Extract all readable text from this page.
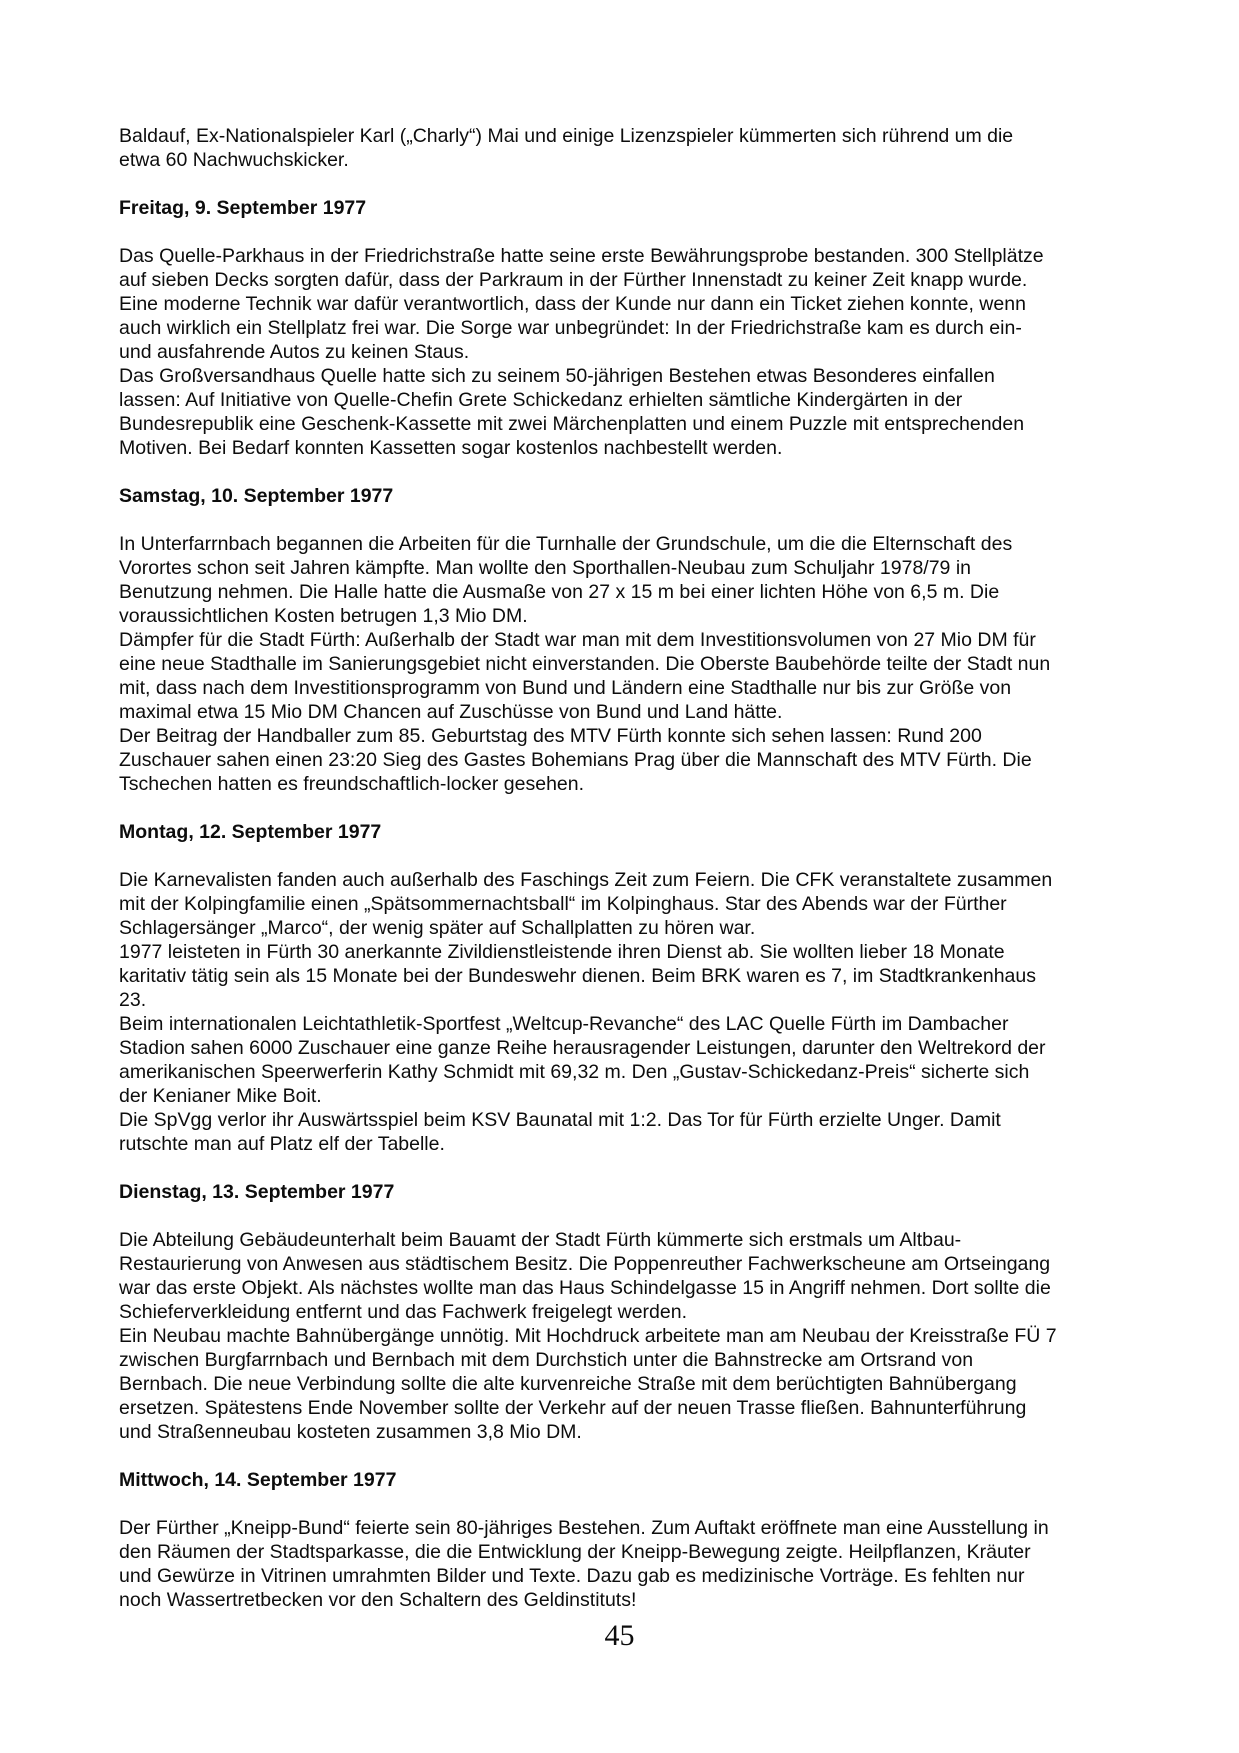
Baldauf, Ex-Nationalspieler Karl („Charly“) Mai und einige Lizenzspieler kümmerten sich rührend um die
etwa 60 Nachwuchskicker.
Freitag, 9. September 1977
Das Quelle-Parkhaus in der Friedrichstraße hatte seine erste Bewährungsprobe bestanden. 300 Stellplätze
auf sieben Decks sorgten dafür, dass der Parkraum in der Fürther Innenstadt zu keiner Zeit knapp wurde.
Eine moderne Technik war dafür verantwortlich, dass der Kunde nur dann ein Ticket ziehen konnte, wenn
auch wirklich ein Stellplatz frei war. Die Sorge war unbegründet: In der Friedrichstraße kam es durch ein-
und ausfahrende Autos zu keinen Staus.
Das Großversandhaus Quelle hatte sich zu seinem 50-jährigen Bestehen etwas Besonderes einfallen
lassen: Auf Initiative von Quelle-Chefin Grete Schickedanz erhielten sämtliche Kindergärten in der
Bundesrepublik eine Geschenk-Kassette mit zwei Märchenplatten und einem Puzzle mit entsprechenden
Motiven. Bei Bedarf konnten Kassetten sogar kostenlos nachbestellt werden.
Samstag, 10. September 1977
In Unterfarrnbach begannen die Arbeiten für die Turnhalle der Grundschule, um die die Elternschaft des
Vorortes schon seit Jahren kämpfte. Man wollte den Sporthallen-Neubau zum Schuljahr 1978/79 in
Benutzung nehmen. Die Halle hatte die Ausmaße von 27 x 15 m bei einer lichten Höhe von 6,5 m. Die
voraussichtlichen Kosten betrugen 1,3 Mio DM.
Dämpfer für die Stadt Fürth: Außerhalb der Stadt war man mit dem Investitionsvolumen von 27 Mio DM für
eine neue Stadthalle im Sanierungsgebiet nicht einverstanden. Die Oberste Baubehörde teilte der Stadt nun
mit, dass nach dem Investitionsprogramm von Bund und Ländern eine Stadthalle nur bis zur Größe von
maximal etwa 15 Mio DM Chancen auf Zuschüsse von Bund und Land hätte.
Der Beitrag der Handballer zum 85. Geburtstag des MTV Fürth konnte sich sehen lassen: Rund 200
Zuschauer sahen einen 23:20 Sieg des Gastes Bohemians Prag über die Mannschaft des MTV Fürth. Die
Tschechen hatten es freundschaftlich-locker gesehen.
Montag, 12. September 1977
Die Karnevalisten fanden auch außerhalb des Faschings Zeit zum Feiern. Die CFK veranstaltete zusammen
mit der Kolpingfamilie einen „Spätsommernachtsball“ im Kolpinghaus. Star des Abends war der Fürther
Schlagersänger „Marco“, der wenig später auf Schallplatten zu hören war.
1977 leisteten in Fürth 30 anerkannte Zivildienstleistende ihren Dienst ab. Sie wollten lieber 18 Monate
karitativ tätig sein als 15 Monate bei der Bundeswehr dienen. Beim BRK waren es 7, im Stadtkrankenhaus
23.
Beim internationalen Leichtathletik-Sportfest „Weltcup-Revanche“ des LAC Quelle Fürth im Dambacher
Stadion sahen 6000 Zuschauer eine ganze Reihe herausragender Leistungen, darunter den Weltrekord der
amerikanischen Speerwerferin Kathy Schmidt mit 69,32 m. Den „Gustav-Schickedanz-Preis“ sicherte sich
der Kenianer Mike Boit.
Die SpVgg verlor ihr Auswärtsspiel beim KSV Baunatal mit 1:2. Das Tor für Fürth erzielte Unger. Damit
rutschte man auf Platz elf der Tabelle.
Dienstag, 13. September 1977
Die Abteilung Gebäudeunterhalt beim Bauamt der Stadt Fürth kümmerte sich erstmals um Altbau-
Restaurierung von Anwesen aus städtischem Besitz. Die Poppenreuther Fachwerkscheune am Ortseingang
war das erste Objekt. Als nächstes wollte man das Haus Schindelgasse 15 in Angriff nehmen. Dort sollte die
Schieferverkleidung entfernt und das Fachwerk freigelegt werden.
Ein Neubau machte Bahnübergänge unnötig. Mit Hochdruck arbeitete man am Neubau der Kreisstraße FÜ 7
zwischen Burgfarrnbach und Bernbach mit dem Durchstich unter die Bahnstrecke am Ortsrand von
Bernbach. Die neue Verbindung sollte die alte kurvenreiche Straße mit dem berüchtigten Bahnübergang
ersetzen. Spätestens Ende November sollte der Verkehr auf der neuen Trasse fließen. Bahnunterführung
und Straßenneubau kosteten zusammen 3,8 Mio DM.
Mittwoch, 14. September 1977
Der Fürther „Kneipp-Bund“ feierte sein 80-jähriges Bestehen. Zum Auftakt eröffnete man eine Ausstellung in
den Räumen der Stadtsparkasse, die die Entwicklung der Kneipp-Bewegung zeigte. Heilpflanzen, Kräuter
und Gewürze in Vitrinen umrahmten Bilder und Texte. Dazu gab es medizinische Vorträge. Es fehlten nur
noch Wassertretbecken vor den Schaltern des Geldinstituts!
45
